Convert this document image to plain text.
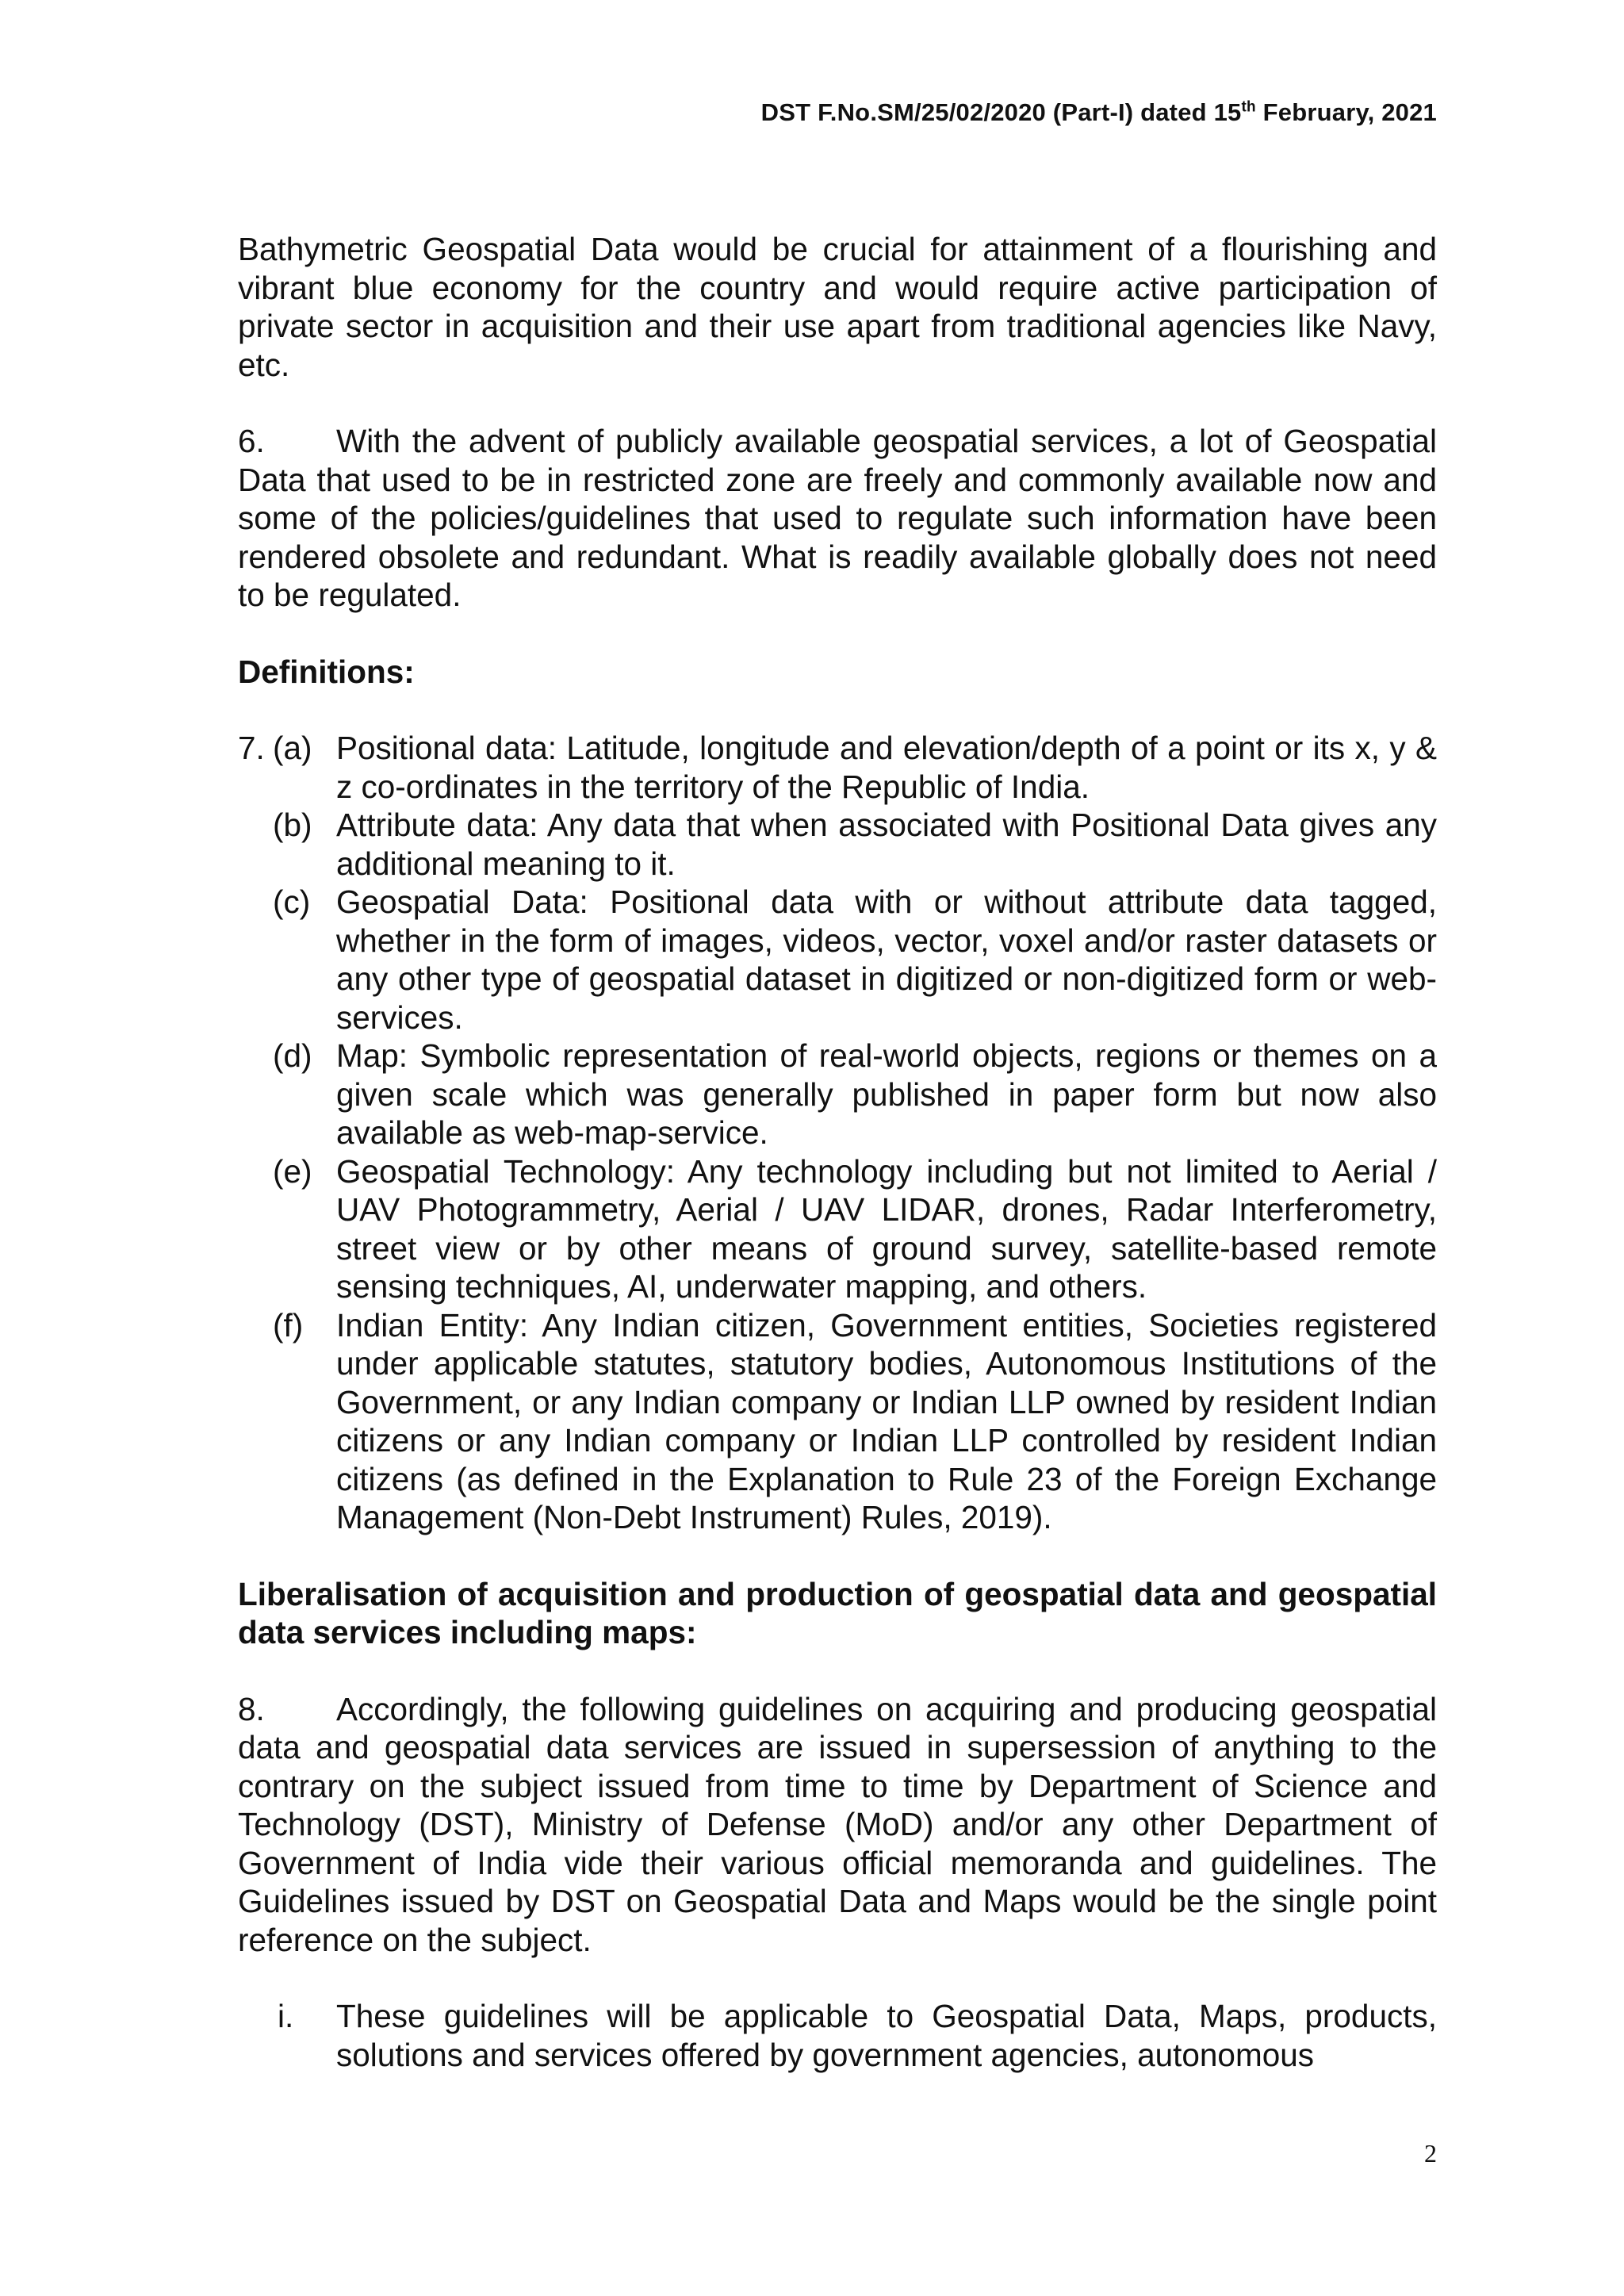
DST F.No.SM/25/02/2020 (Part-I) dated 15th February, 2021

Bathymetric Geospatial Data would be crucial for attainment of a flourishing and vibrant blue economy for the country and would require active participation of private sector in acquisition and their use apart from traditional agencies like Navy, etc.

6. With the advent of publicly available geospatial services, a lot of Geospatial Data that used to be in restricted zone are freely and commonly available now and some of the policies/guidelines that used to regulate such information have been rendered obsolete and redundant. What is readily available globally does not need to be regulated.

Definitions:

7. (a) Positional data: Latitude, longitude and elevation/depth of a point or its x, y & z co-ordinates in the territory of the Republic of India.

(b) Attribute data: Any data that when associated with Positional Data gives any additional meaning to it.

(c) Geospatial Data: Positional data with or without attribute data tagged, whether in the form of images, videos, vector, voxel and/or raster datasets or any other type of geospatial dataset in digitized or non-digitized form or web-services.

(d) Map: Symbolic representation of real-world objects, regions or themes on a given scale which was generally published in paper form but now also available as web-map-service.

(e) Geospatial Technology: Any technology including but not limited to Aerial / UAV Photogrammetry, Aerial / UAV LIDAR, drones, Radar Interferometry, street view or by other means of ground survey, satellite-based remote sensing techniques, AI, underwater mapping, and others.

(f) Indian Entity: Any Indian citizen, Government entities, Societies registered under applicable statutes, statutory bodies, Autonomous Institutions of the Government, or any Indian company or Indian LLP owned by resident Indian citizens or any Indian company or Indian LLP controlled by resident Indian citizens (as defined in the Explanation to Rule 23 of the Foreign Exchange Management (Non-Debt Instrument) Rules, 2019).

Liberalisation of acquisition and production of geospatial data and geospatial data services including maps:

8. Accordingly, the following guidelines on acquiring and producing geospatial data and geospatial data services are issued in supersession of anything to the contrary on the subject issued from time to time by Department of Science and Technology (DST), Ministry of Defense (MoD) and/or any other Department of Government of India vide their various official memoranda and guidelines. The Guidelines issued by DST on Geospatial Data and Maps would be the single point reference on the subject.

i. These guidelines will be applicable to Geospatial Data, Maps, products, solutions and services offered by government agencies, autonomous

2
